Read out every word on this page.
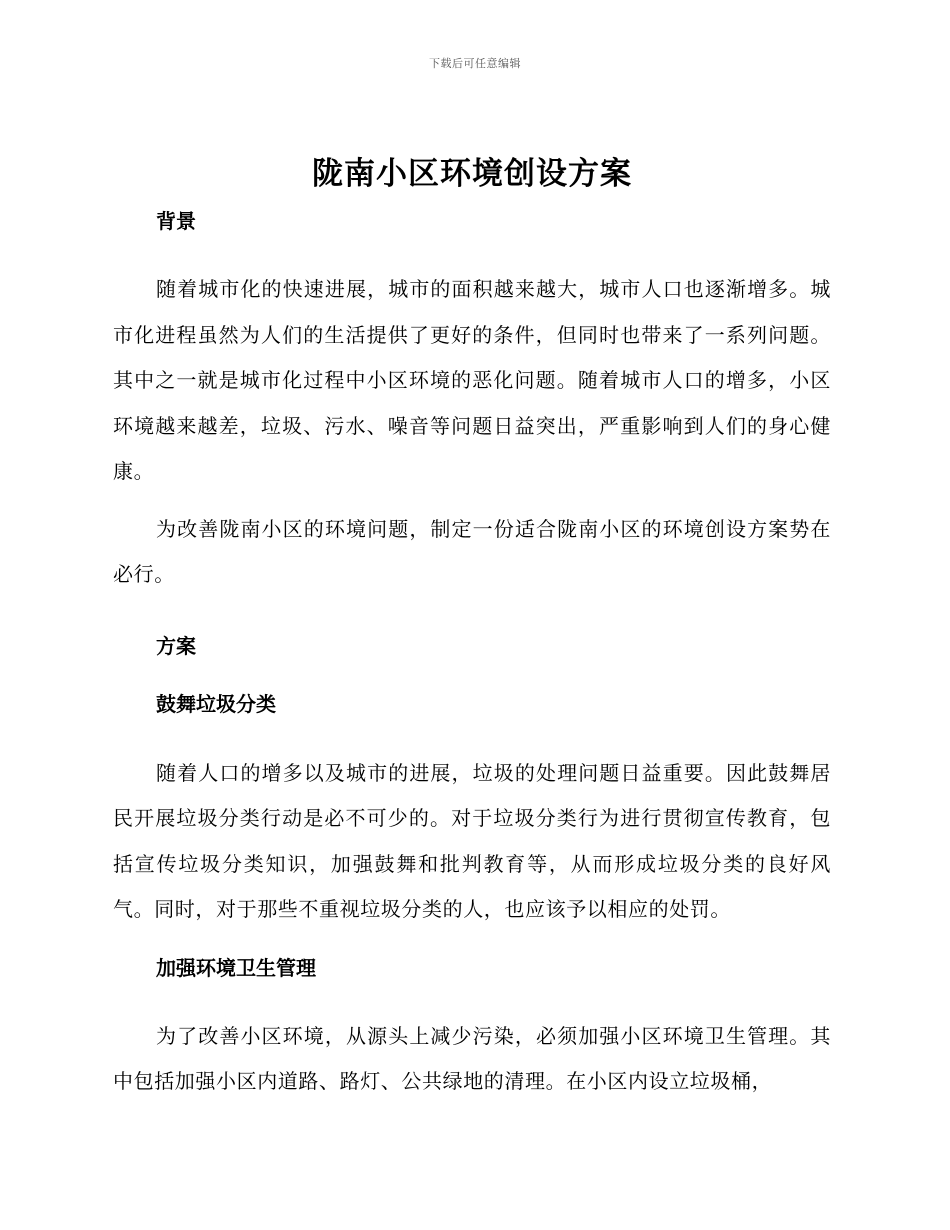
下载后可任意编辑
陇南小区环境创设方案
背景

随着城市化的快速进展，城市的面积越来越大，城市人口也逐渐增多。城市化进程虽然为人们的生活提供了更好的条件，但同时也带来了一系列问题。其中之一就是城市化过程中小区环境的恶化问题。随着城市人口的增多，小区环境越来越差，垃圾、污水、噪音等问题日益突出，严重影响到人们的身心健康。

为改善陇南小区的环境问题，制定一份适合陇南小区的环境创设方案势在必行。

方案
鼓舞垃圾分类

随着人口的增多以及城市的进展，垃圾的处理问题日益重要。因此鼓舞居民开展垃圾分类行动是必不可少的。对于垃圾分类行为进行贯彻宣传教育，包括宣传垃圾分类知识，加强鼓舞和批判教育等，从而形成垃圾分类的良好风气。同时，对于那些不重视垃圾分类的人，也应该予以相应的处罚。

加强环境卫生管理

为了改善小区环境，从源头上减少污染，必须加强小区环境卫生管理。其中包括加强小区内道路、路灯、公共绿地的清理。在小区内设立垃圾桶，
